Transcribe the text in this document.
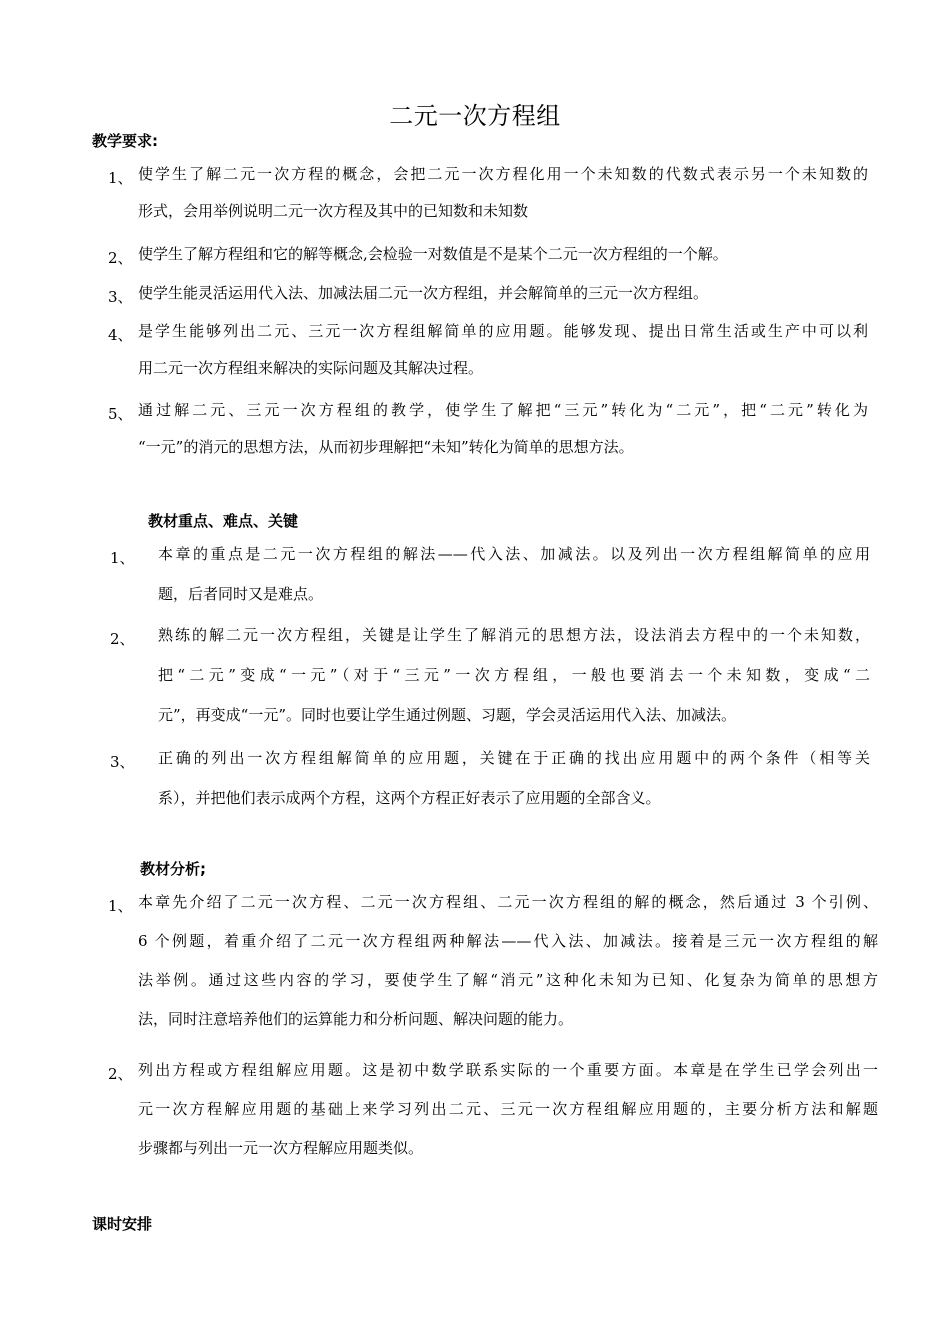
二元一次方程组
教学要求:
1、 使学生了解二元一次方程的概念，会把二元一次方程化用一个未知数的代数式表示另一个未知数的
形式，会用举例说明二元一次方程及其中的已知数和未知数
2、 使学生了解方程组和它的解等概念,会检验一对数值是不是某个二元一次方程组的一个解。
3、 使学生能灵活运用代入法、加减法届二元一次方程组，并会解简单的三元一次方程组。
4、 是学生能够列出二元、三元一次方程组解简单的应用题。能够发现、提出日常生活或生产中可以利
用二元一次方程组来解决的实际问题及其解决过程。
5、 通过解二元、三元一次方程组的教学，使学生了解把“三元”转化为“二元”，把“二元”转化为
“一元”的消元的思想方法，从而初步理解把“未知”转化为简单的思想方法。
教材重点、难点、关键
1、 本章的重点是二元一次方程组的解法——代入法、加减法。以及列出一次方程组解简单的应用
题，后者同时又是难点。
2、 熟练的解二元一次方程组，关键是让学生了解消元的思想方法，设法消去方程中的一个未知数，
把“二元”变成“一元”（对于“三元”一次方程组，一般也要消去一个未知数，变成“二
元”，再变成“一元”。同时也要让学生通过例题、习题，学会灵活运用代入法、加减法。
3、 正确的列出一次方程组解简单的应用题，关键在于正确的找出应用题中的两个条件（相等关
系），并把他们表示成两个方程，这两个方程正好表示了应用题的全部含义。
教材分析;
1、 本章先介绍了二元一次方程、二元一次方程组、二元一次方程组的解的概念，然后通过 3 个引例、
6 个例题，着重介绍了二元一次方程组两种解法——代入法、加减法。接着是三元一次方程组的解
法举例。通过这些内容的学习，要使学生了解“消元”这种化未知为已知、化复杂为简单的思想方
法，同时注意培养他们的运算能力和分析问题、解决问题的能力。
2、 列出方程或方程组解应用题。这是初中数学联系实际的一个重要方面。本章是在学生已学会列出一
元一次方程解应用题的基础上来学习列出二元、三元一次方程组解应用题的，主要分析方法和解题
步骤都与列出一元一次方程解应用题类似。
课时安排
